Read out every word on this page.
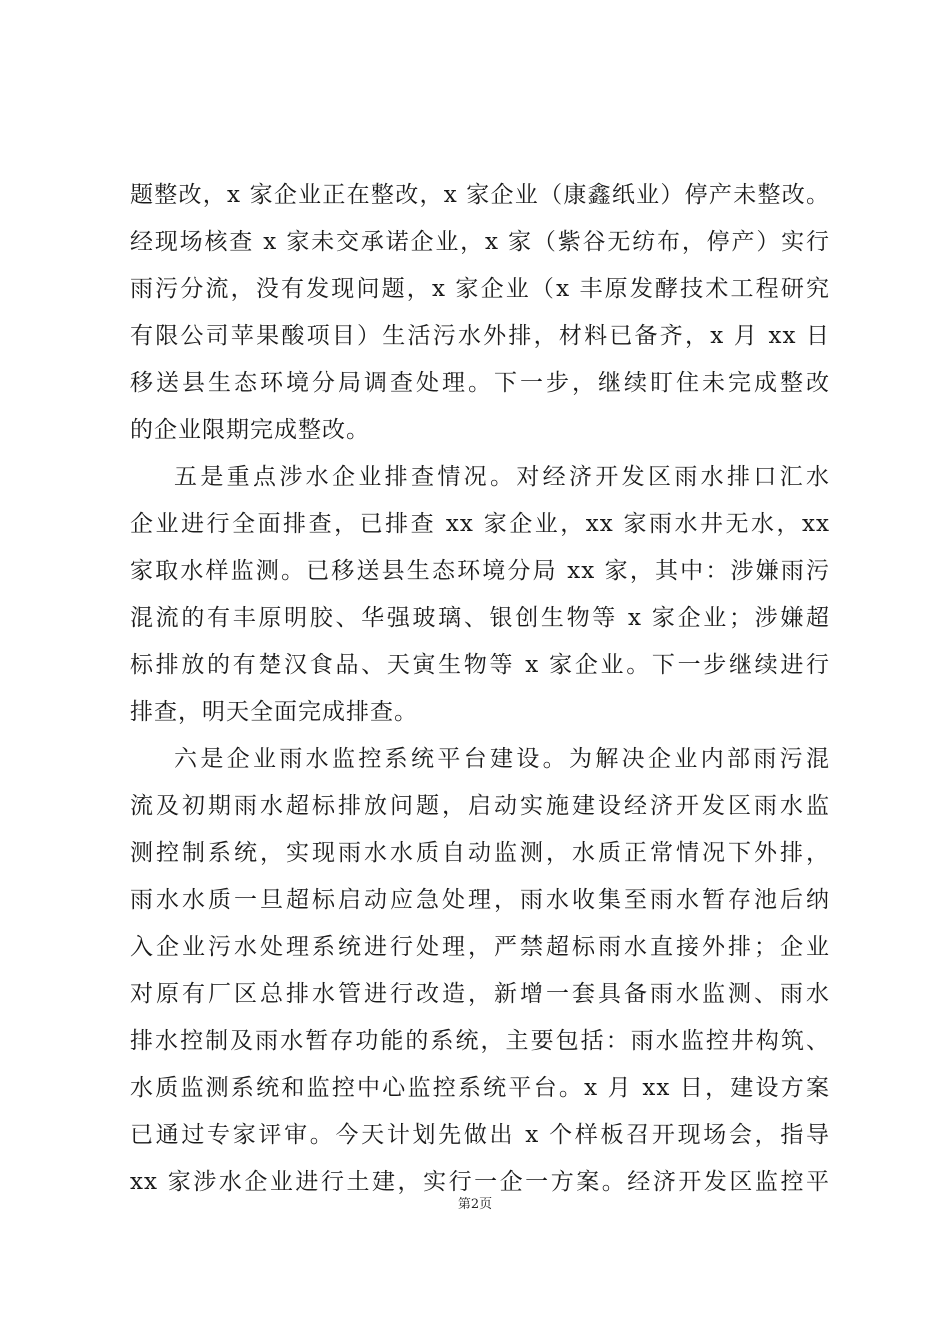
题整改，x 家企业正在整改，x 家企业（康鑫纸业）停产未整改。
经现场核查 x 家未交承诺企业，x 家（紫谷无纺布，停产）实行
雨污分流，没有发现问题，x 家企业（x 丰原发酵技术工程研究
有限公司苹果酸项目）生活污水外排，材料已备齐，x 月 xx 日
移送县生态环境分局调查处理。下一步，继续盯住未完成整改
的企业限期完成整改。
五是重点涉水企业排查情况。对经济开发区雨水排口汇水
企业进行全面排查，已排查 xx 家企业，xx 家雨水井无水，xx
家取水样监测。已移送县生态环境分局 xx 家，其中：涉嫌雨污
混流的有丰原明胶、华强玻璃、银创生物等 x 家企业；涉嫌超
标排放的有楚汉食品、天寅生物等 x 家企业。下一步继续进行
排查，明天全面完成排查。
六是企业雨水监控系统平台建设。为解决企业内部雨污混
流及初期雨水超标排放问题，启动实施建设经济开发区雨水监
测控制系统，实现雨水水质自动监测，水质正常情况下外排，
雨水水质一旦超标启动应急处理，雨水收集至雨水暂存池后纳
入企业污水处理系统进行处理，严禁超标雨水直接外排；企业
对原有厂区总排水管进行改造，新增一套具备雨水监测、雨水
排水控制及雨水暂存功能的系统，主要包括：雨水监控井构筑、
水质监测系统和监控中心监控系统平台。x 月 xx 日，建设方案
已通过专家评审。今天计划先做出 x 个样板召开现场会，指导
xx 家涉水企业进行土建，实行一企一方案。经济开发区监控平
第2页
